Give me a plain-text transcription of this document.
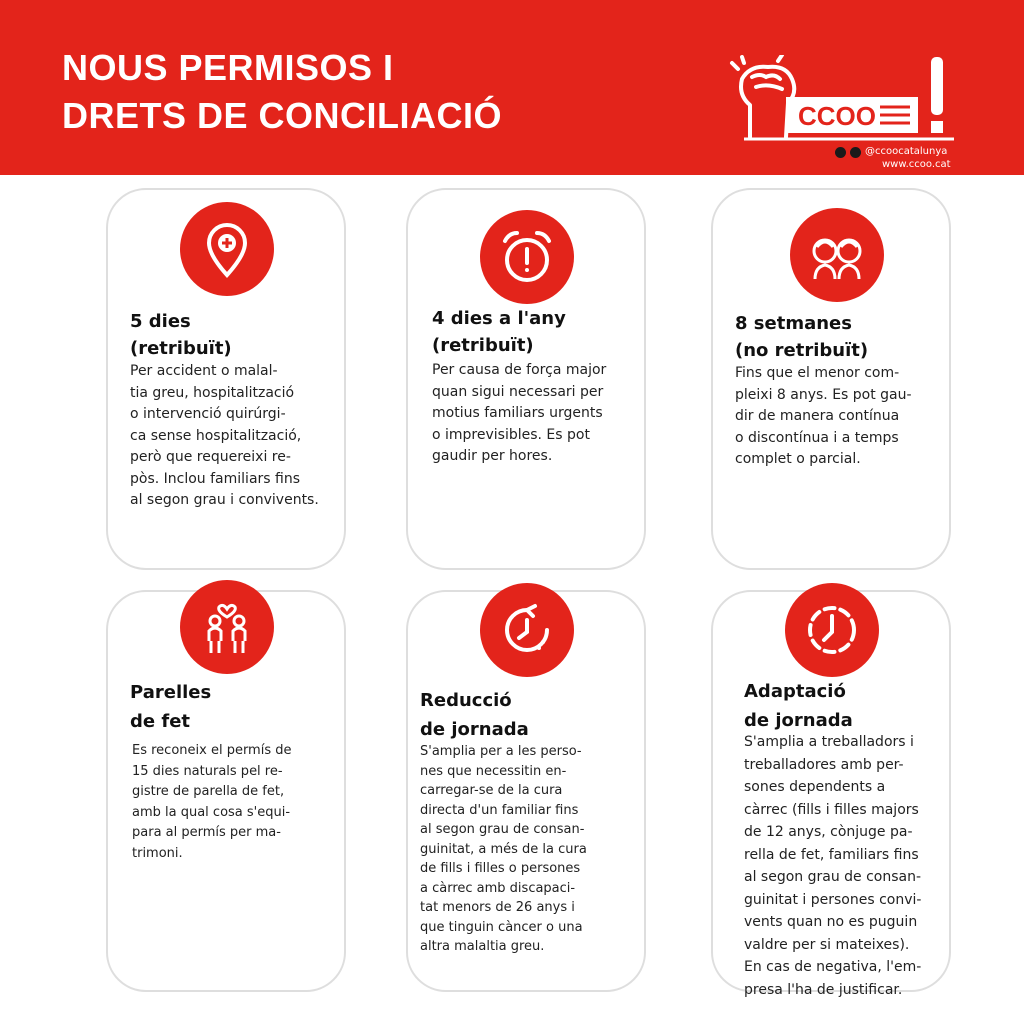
NOUS PERMISOS I
DRETS DE CONCILIACIÓ	CCOO
@ccoocatalunya
www.ccoo.cat
5 dies
(retribuït)
Per accident o malal-
tia greu, hospitalització
o intervenció quirúrgi-
ca sense hospitalització,
però que requereixi re-
pòs. Inclou familiars fins
al segon grau i convivents.
4 dies a l'any
(retribuït)
Per causa de força major
quan sigui necessari per
motius familiars urgents
o imprevisibles. Es pot
gaudir per hores.
8 setmanes
(no retribuït)
Fins que el menor com-
pleixi 8 anys. Es pot gau-
dir de manera contínua
o discontínua i a temps
complet o parcial.
Parelles
de fet
Es reconeix el permís de
15 dies naturals pel re-
gistre de parella de fet,
amb la qual cosa s'equi-
para al permís per ma-
trimoni.
Reducció
de jornada
S'amplia per a les perso-
nes que necessitin en-
carregar-se de la cura
directa d'un familiar fins
al segon grau de consan-
guinitat, a més de la cura
de fills i filles o persones
a càrrec amb discapaci-
tat menors de 26 anys i
que tinguin càncer o una
altra malaltia greu.
Adaptació
de jornada
S'amplia a treballadors i
treballadores amb per-
sones dependents a
càrrec (fills i filles majors
de 12 anys, cònjuge pa-
rella de fet, familiars fins
al segon grau de consan-
guinitat i persones convi-
vents quan no es puguin
valdre per si mateixes).
En cas de negativa, l'em-
presa l'ha de justificar.
